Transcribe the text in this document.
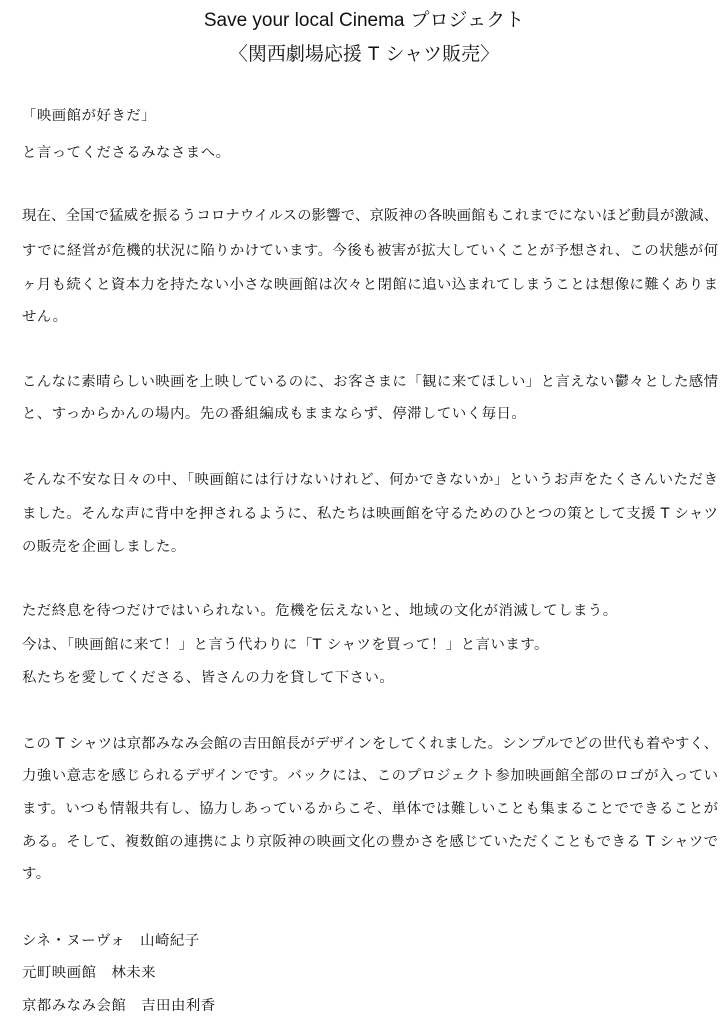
Save your local Cinema プロジェクト
〈関西劇場応援 T シャツ販売〉
「映画館が好きだ」
と言ってくださるみなさまへ。
現在、全国で猛威を振るうコロナウイルスの影響で、京阪神の各映画館もこれまでにないほど動員が激減、
すでに経営が危機的状況に陥りかけています。今後も被害が拡大していくことが予想され、この状態が何
ヶ月も続くと資本力を持たない小さな映画館は次々と閉館に追い込まれてしまうことは想像に難くありま
せん。
こんなに素晴らしい映画を上映しているのに、お客さまに「観に来てほしい」と言えない鬱々とした感情
と、すっからかんの場内。先の番組編成もままならず、停滞していく毎日。
そんな不安な日々の中、「映画館には行けないけれど、何かできないか」というお声をたくさんいただき
ました。そんな声に背中を押されるように、私たちは映画館を守るためのひとつの策として支援 T シャツ
の販売を企画しました。
ただ終息を待つだけではいられない。危機を伝えないと、地域の文化が消滅してしまう。
今は、「映画館に来て！」と言う代わりに「T シャツを買って！」と言います。
私たちを愛してくださる、皆さんの力を貸して下さい。
この T シャツは京都みなみ会館の吉田館長がデザインをしてくれました。シンプルでどの世代も着やすく、
力強い意志を感じられるデザインです。バックには、このプロジェクト参加映画館全部のロゴが入ってい
ます。いつも情報共有し、協力しあっているからこそ、単体では難しいことも集まることでできることが
ある。そして、複数館の連携により京阪神の映画文化の豊かさを感じていただくこともできる T シャツで
す。
シネ・ヌーヴォ　 山崎紀子
元町映画館　 林未来
京都みなみ会館　 吉田由利香
